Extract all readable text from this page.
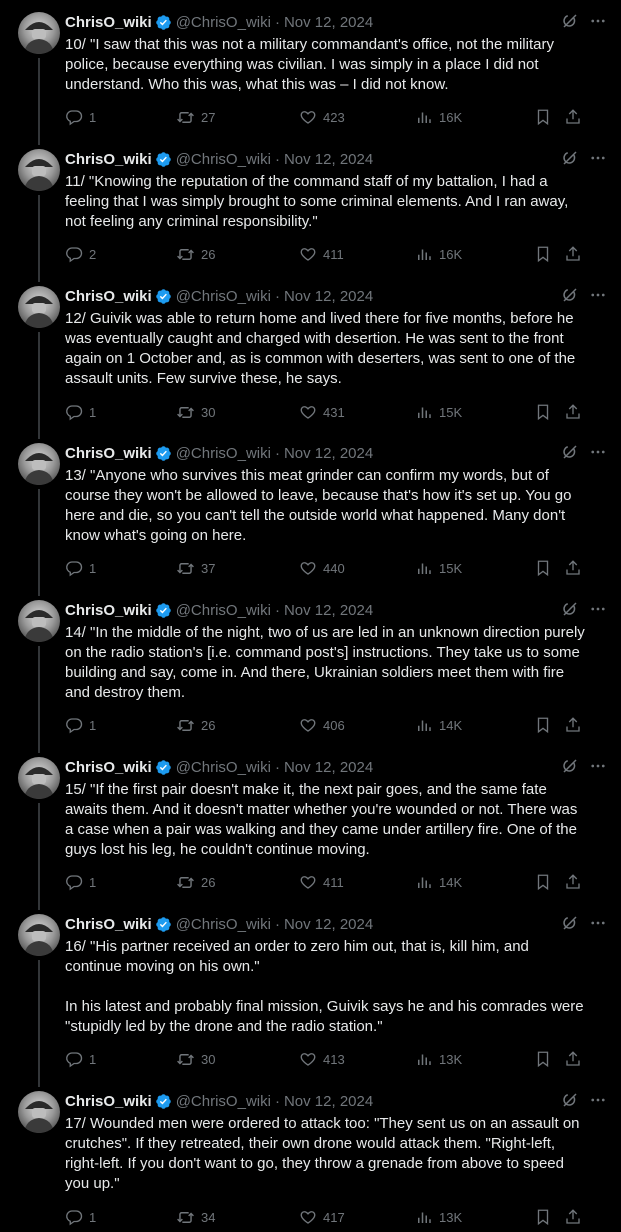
ChrisO_wiki @ChrisO_wiki · Nov 12, 2024
10/ "I saw that this was not a military commandant's office, not the military police, because everything was civilian. I was simply in a place I did not understand. Who this was, what this was – I did not know.
1	27	423	16K
ChrisO_wiki @ChrisO_wiki · Nov 12, 2024
11/ "Knowing the reputation of the command staff of my battalion, I had a feeling that I was simply brought to some criminal elements. And I ran away, not feeling any criminal responsibility."
2	26	411	16K
ChrisO_wiki @ChrisO_wiki · Nov 12, 2024
12/ Guivik was able to return home and lived there for five months, before he was eventually caught and charged with desertion. He was sent to the front again on 1 October and, as is common with deserters, was sent to one of the assault units. Few survive these, he says.
1	30	431	15K
ChrisO_wiki @ChrisO_wiki · Nov 12, 2024
13/ "Anyone who survives this meat grinder can confirm my words, but of course they won't be allowed to leave, because that's how it's set up. You go here and die, so you can't tell the outside world what happened. Many don't know what's going on here.
1	37	440	15K
ChrisO_wiki @ChrisO_wiki · Nov 12, 2024
14/ "In the middle of the night, two of us are led in an unknown direction purely on the radio station's [i.e. command post's] instructions. They take us to some building and say, come in. And there, Ukrainian soldiers meet them with fire and destroy them.
1	26	406	14K
ChrisO_wiki @ChrisO_wiki · Nov 12, 2024
15/ "If the first pair doesn't make it, the next pair goes, and the same fate awaits them. And it doesn't matter whether you're wounded or not. There was a case when a pair was walking and they came under artillery fire. One of the guys lost his leg, he couldn't continue moving.
1	26	411	14K
ChrisO_wiki @ChrisO_wiki · Nov 12, 2024
16/ "His partner received an order to zero him out, that is, kill him, and continue moving on his own."

In his latest and probably final mission, Guivik says he and his comrades were "stupidly led by the drone and the radio station."
1	30	413	13K
ChrisO_wiki @ChrisO_wiki · Nov 12, 2024
17/ Wounded men were ordered to attack too: "They sent us on an assault on crutches". If they retreated, their own drone would attack them. "Right-left, right-left. If you don't want to go, they throw a grenade from above to speed you up."
1	34	417	13K
